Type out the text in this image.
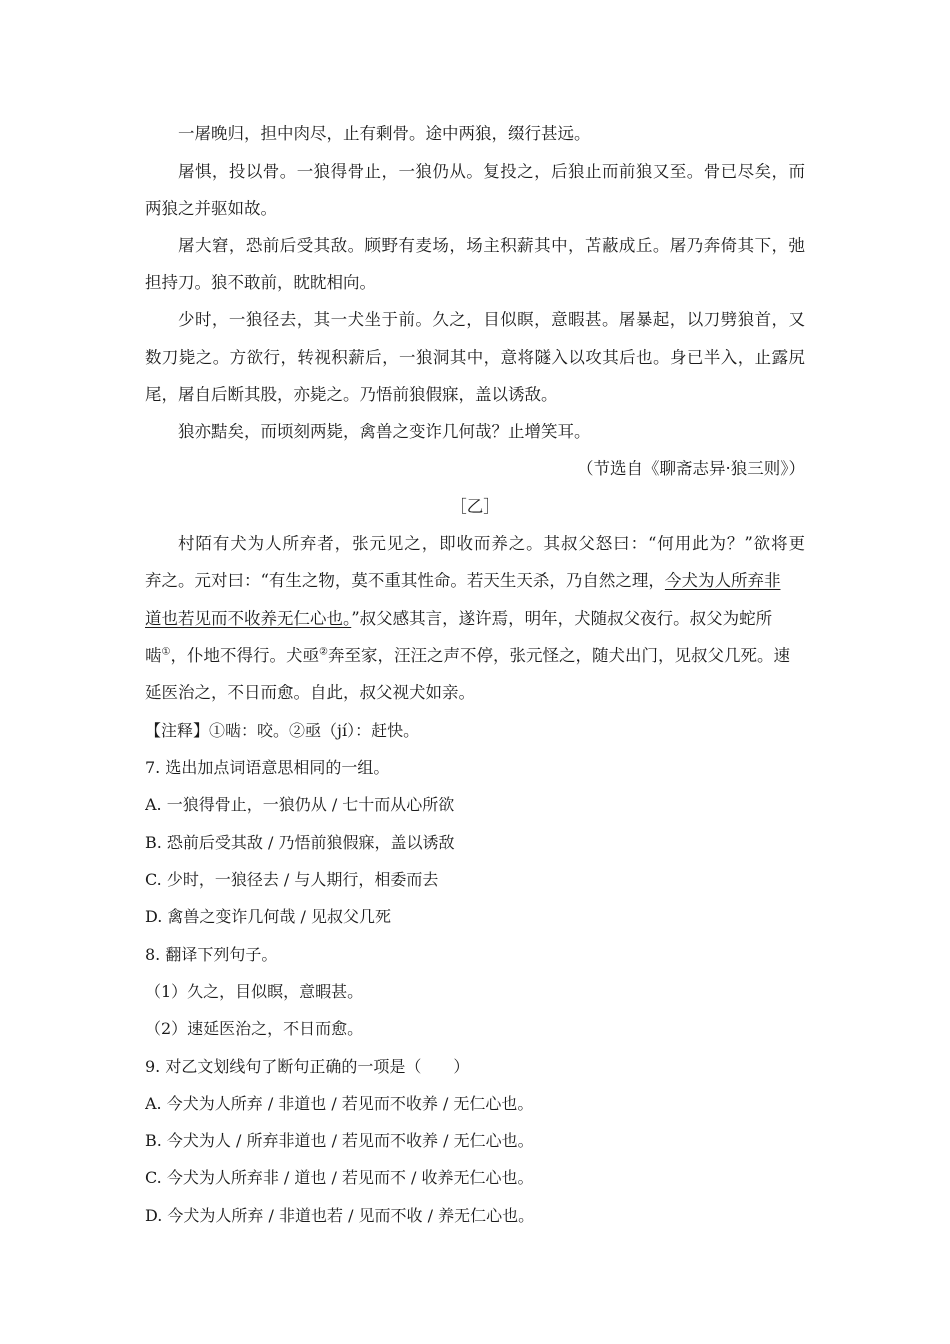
一屠晚归，担中肉尽，止有剩骨。途中两狼，缀行甚远。
屠惧，投以骨。一狼得骨止，一狼仍从。复投之，后狼止而前狼又至。骨已尽矣，而
两狼之并驱如故。
屠大窘，恐前后受其敌。顾野有麦场，场主积薪其中，苫蔽成丘。屠乃奔倚其下，弛
担持刀。狼不敢前，眈眈相向。
少时，一狼径去，其一犬坐于前。久之，目似瞑，意暇甚。屠暴起，以刀劈狼首，又
数刀毙之。方欲行，转视积薪后，一狼洞其中，意将隧入以攻其后也。身已半入，止露尻
尾，屠自后断其股，亦毙之。乃悟前狼假寐，盖以诱敌。
狼亦黠矣，而顷刻两毙，禽兽之变诈几何哉？止增笑耳。
（节选自《聊斋志异·狼三则》）
［乙］
村陌有犬为人所弃者，张元见之，即收而养之。其叔父怒曰：“何用此为？”欲将更
弃之。元对曰：“有生之物，莫不重其性命。若天生天杀，乃自然之理，今犬为人所弃非
道也若见而不收养无仁心也。”叔父感其言，遂许焉，明年，犬随叔父夜行。叔父为蛇所
啮①，仆地不得行。犬亟②奔至家，汪汪之声不停，张元怪之，随犬出门，见叔父几死。速
延医治之，不日而愈。自此，叔父视犬如亲。
【注释】①啮：咬。②亟（jí）：赶快。
7. 选出加点词语意思相同的一组。
A. 一狼得骨止，一狼仍从 / 七十而从心所欲
B. 恐前后受其敌 / 乃悟前狼假寐，盖以诱敌
C. 少时，一狼径去 / 与人期行，相委而去
D. 禽兽之变诈几何哉 / 见叔父几死
8. 翻译下列句子。
（1）久之，目似瞑，意暇甚。
（2）速延医治之，不日而愈。
9. 对乙文划线句了断句正确的一项是（　　）
A. 今犬为人所弃 / 非道也 / 若见而不收养 / 无仁心也。
B. 今犬为人 / 所弃非道也 / 若见而不收养 / 无仁心也。
C. 今犬为人所弃非 / 道也 / 若见而不 / 收养无仁心也。
D. 今犬为人所弃 / 非道也若 / 见而不收 / 养无仁心也。
